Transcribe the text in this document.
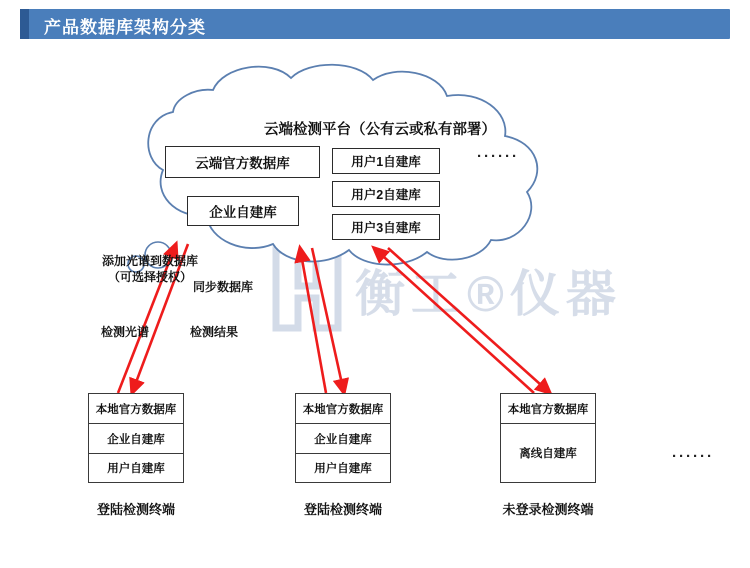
产品数据库架构分类
衡工®仪器
云端检测平台（公有云或私有部署）
云端官方数据库
企业自建库
用户1自建库
用户2自建库
用户3自建库
······
添加光谱到数据库
（可选择授权）
同步数据库
检测光谱	检测结果
本地官方数据库
企业自建库
用户自建库
登陆检测终端
本地官方数据库
企业自建库
用户自建库
登陆检测终端
本地官方数据库
离线自建库
未登录检测终端
······
